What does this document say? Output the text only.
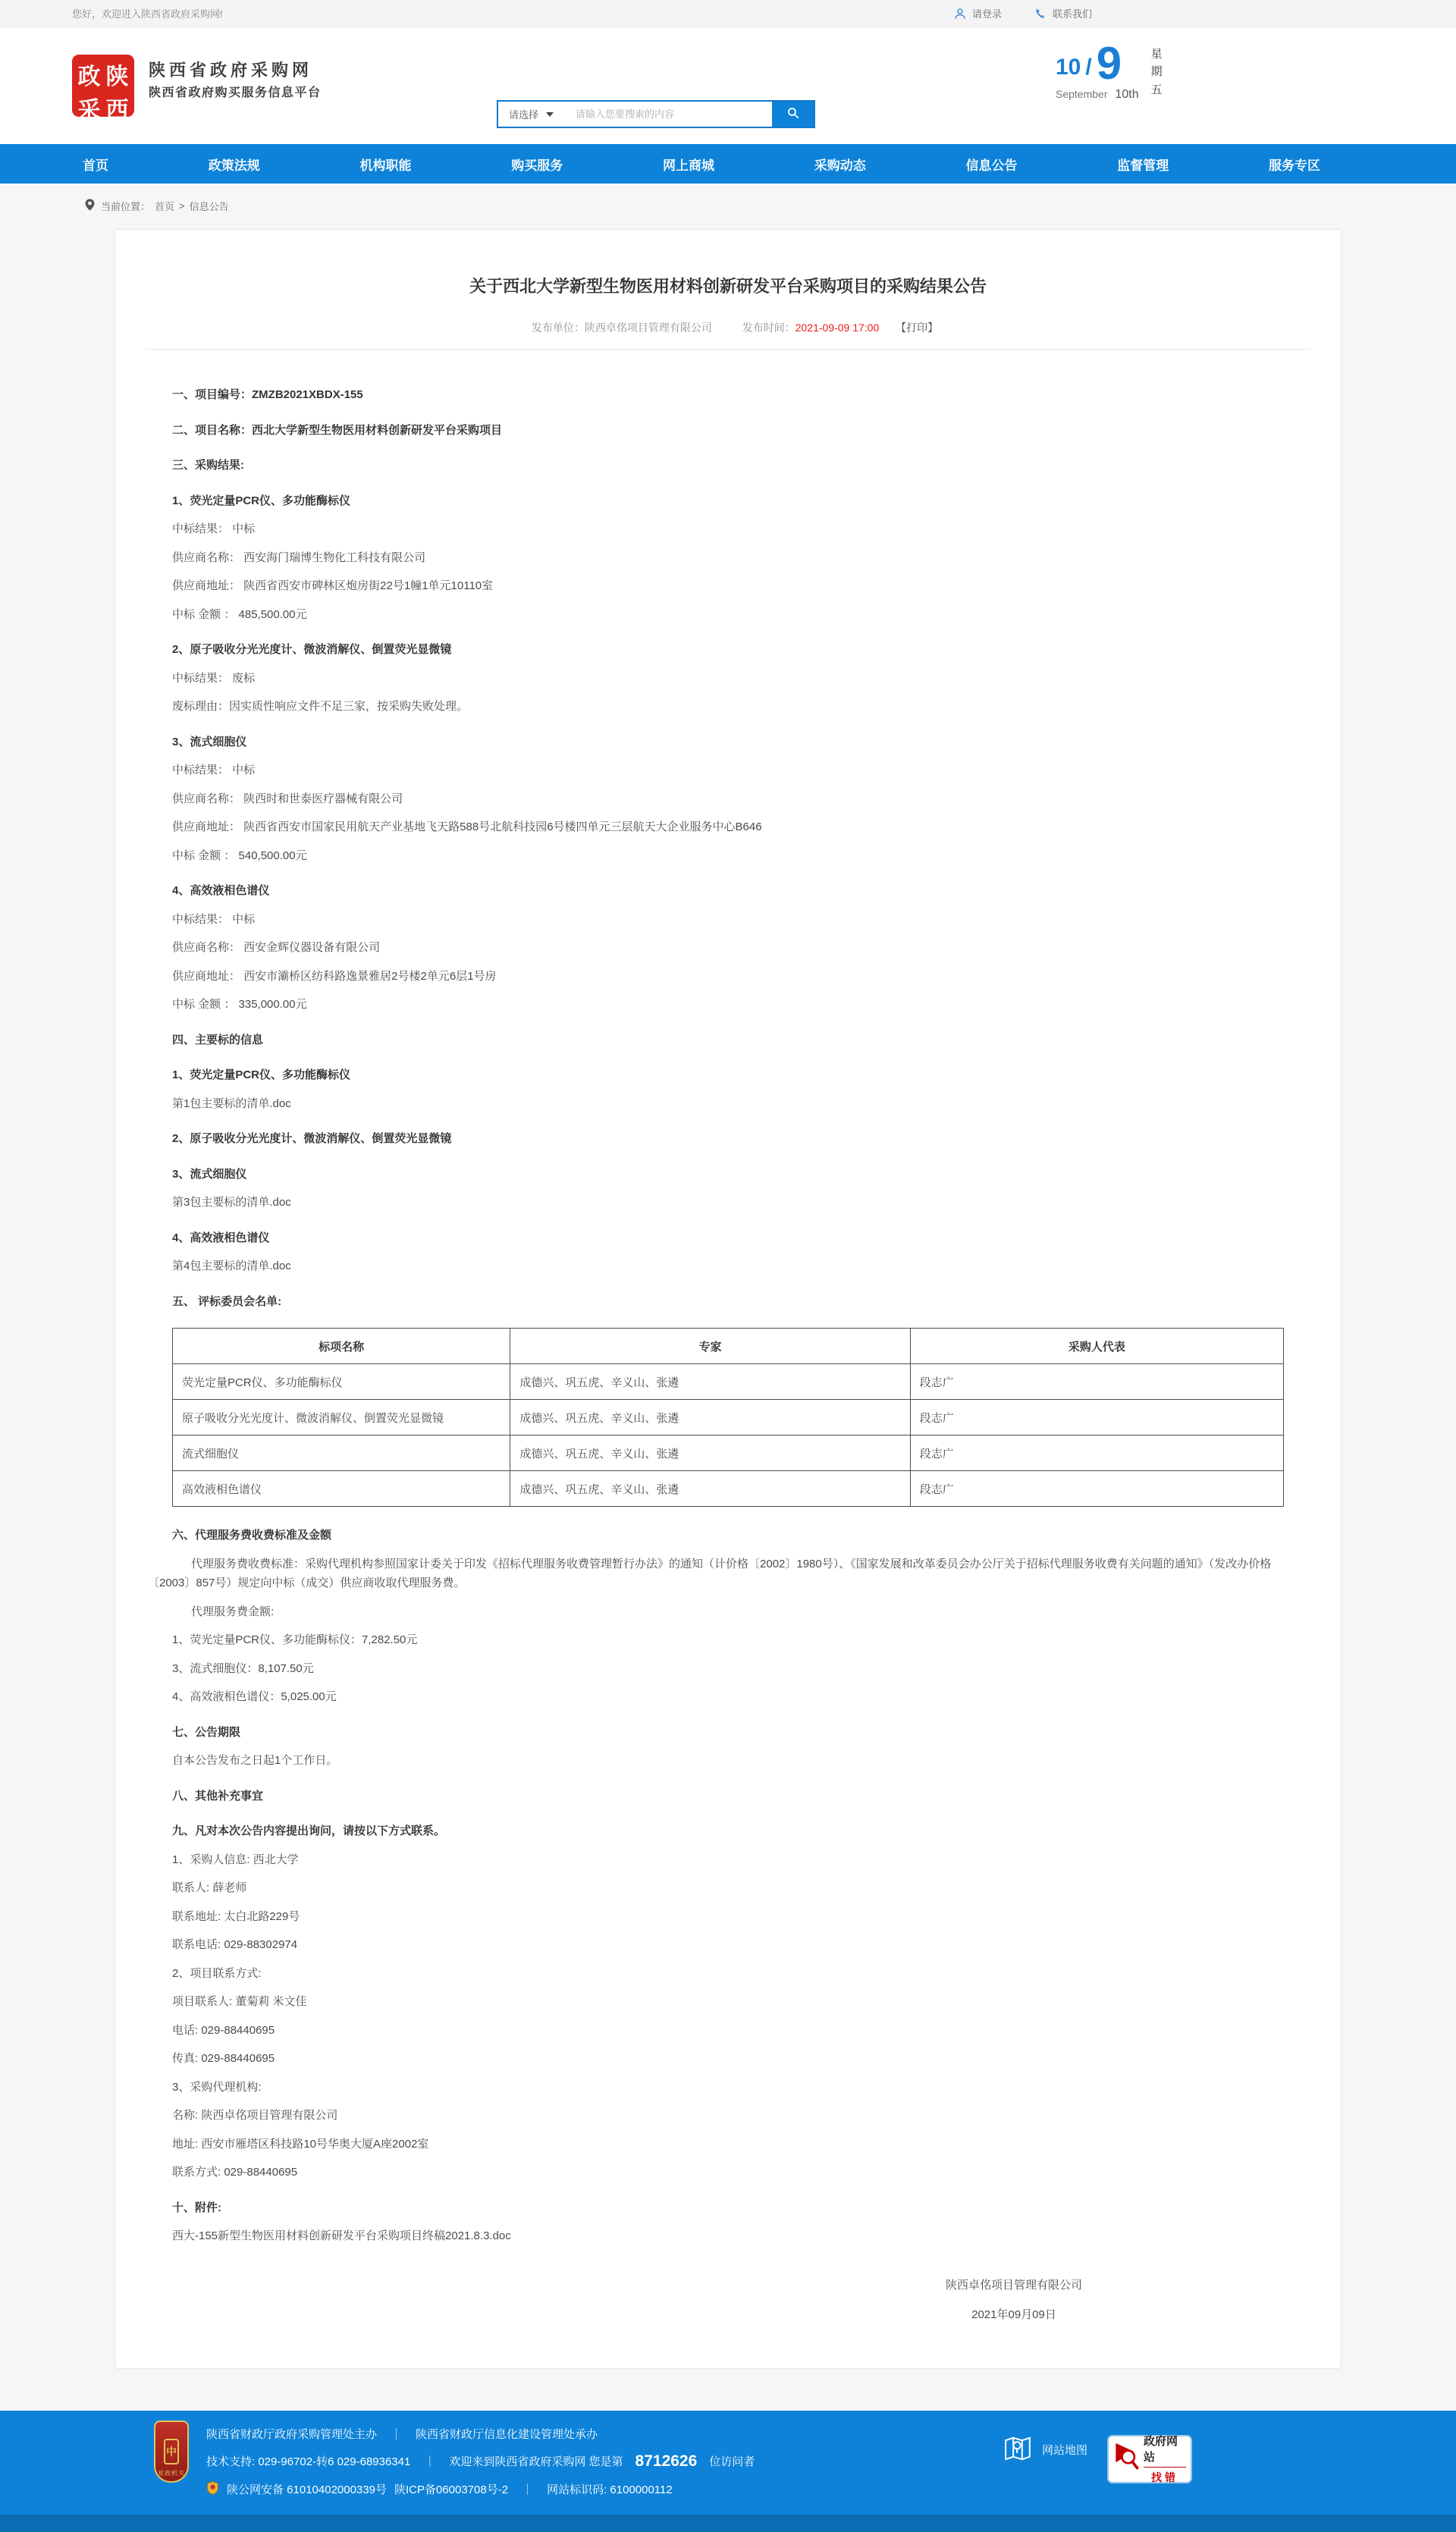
您好，欢迎进入陕西省政府采购网!	请登录	联系我们
政 陕
采 西
陕西省政府采购网
陕西省政府购买服务信息平台
请选择
请输入您要搜索的内容
10 / 9
September 10th
星期五
首页	政策法规	机构职能	购买服务	网上商城	采购动态	信息公告	监督管理	服务专区
当前位置： 首页 > 信息公告
关于西北大学新型生物医用材料创新研发平台采购项目的采购结果公告
发布单位：陕西卓佲项目管理有限公司	发布时间：2021-09-09 17:00 【打印】

一、项目编号：ZMZB2021XBDX-155

二、项目名称：西北大学新型生物医用材料创新研发平台采购项目

三、采购结果:

1、荧光定量PCR仪、多功能酶标仪

中标结果： 中标

供应商名称： 西安海门瑞博生物化工科技有限公司

供应商地址： 陕西省西安市碑林区炮房街22号1幢1单元10110室

中标 金额 ： 485,500.00元

2、原子吸收分光光度计、微波消解仪、倒置荧光显微镜

中标结果： 废标

废标理由：因实质性响应文件不足三家，按采购失败处理。

3、流式细胞仪

中标结果： 中标

供应商名称： 陕西时和世泰医疗器械有限公司

供应商地址： 陕西省西安市国家民用航天产业基地飞天路588号北航科技园6号楼四单元三层航天大企业服务中心B646

中标 金额 ： 540,500.00元

4、高效液相色谱仪

中标结果： 中标

供应商名称： 西安金辉仪器设备有限公司

供应商地址： 西安市灞桥区纺科路逸景雅居2号楼2单元6层1号房

中标 金额 ： 335,000.00元

四、主要标的信息

1、荧光定量PCR仪、多功能酶标仪

第1包主要标的清单.doc

2、原子吸收分光光度计、微波消解仪、倒置荧光显微镜

3、流式细胞仪

第3包主要标的清单.doc

4、高效液相色谱仪

第4包主要标的清单.doc

五、 评标委员会名单:

标项名称	专家	采购人代表
荧光定量PCR仪、多功能酶标仪	成德兴、巩五虎、辛义山、张遴	段志广
原子吸收分光光度计、微波消解仪、倒置荧光显微镜	成德兴、巩五虎、辛义山、张遴	段志广
流式细胞仪	成德兴、巩五虎、辛义山、张遴	段志广
高效液相色谱仪	成德兴、巩五虎、辛义山、张遴	段志广

六、代理服务费收费标准及金额

代理服务费收费标准：采购代理机构参照国家计委关于印发《招标代理服务收费管理暂行办法》的通知（计价格〔2002〕1980号）、《国家发展和改革委员会办公厅关于招标代理服务收费有关问题的通知》（发改办价格〔2003〕857号）规定向中标（成交）供应商收取代理服务费。

代理服务费金额:

1、荧光定量PCR仪、多功能酶标仪：7,282.50元

3、流式细胞仪：8,107.50元

4、高效液相色谱仪：5,025.00元

七、公告期限

自本公告发布之日起1个工作日。

八、其他补充事宜

九、凡对本次公告内容提出询问，请按以下方式联系。

1、采购人信息: 西北大学

联系人: 薛老师

联系地址: 太白北路229号

联系电话: 029-88302974

2、项目联系方式:

项目联系人: 董菊莉 米文佳

电话: 029-88440695

传真: 029-88440695

3、采购代理机构:

名称: 陕西卓佲项目管理有限公司

地址: 西安市雁塔区科技路10号华奥大厦A座2002室

联系方式: 029-88440695

十、附件:

西大-155新型生物医用材料创新研发平台采购项目终稿2021.8.3.doc

陕西卓佲项目管理有限公司

2021年09月09日

中
党政机关
陕西省财政厅政府采购管理处主办 ｜ 陕西省财政厅信息化建设管理处承办
技术支持: 029-96702-转6 029-68936341 ｜ 欢迎来到陕西省政府采购网 您是第 8712626 位访问者
陕公网安备 61010402000339号 陕ICP备06003708号-2 ｜ 网站标识码: 6100000112
网站地图
政府网站
找错
